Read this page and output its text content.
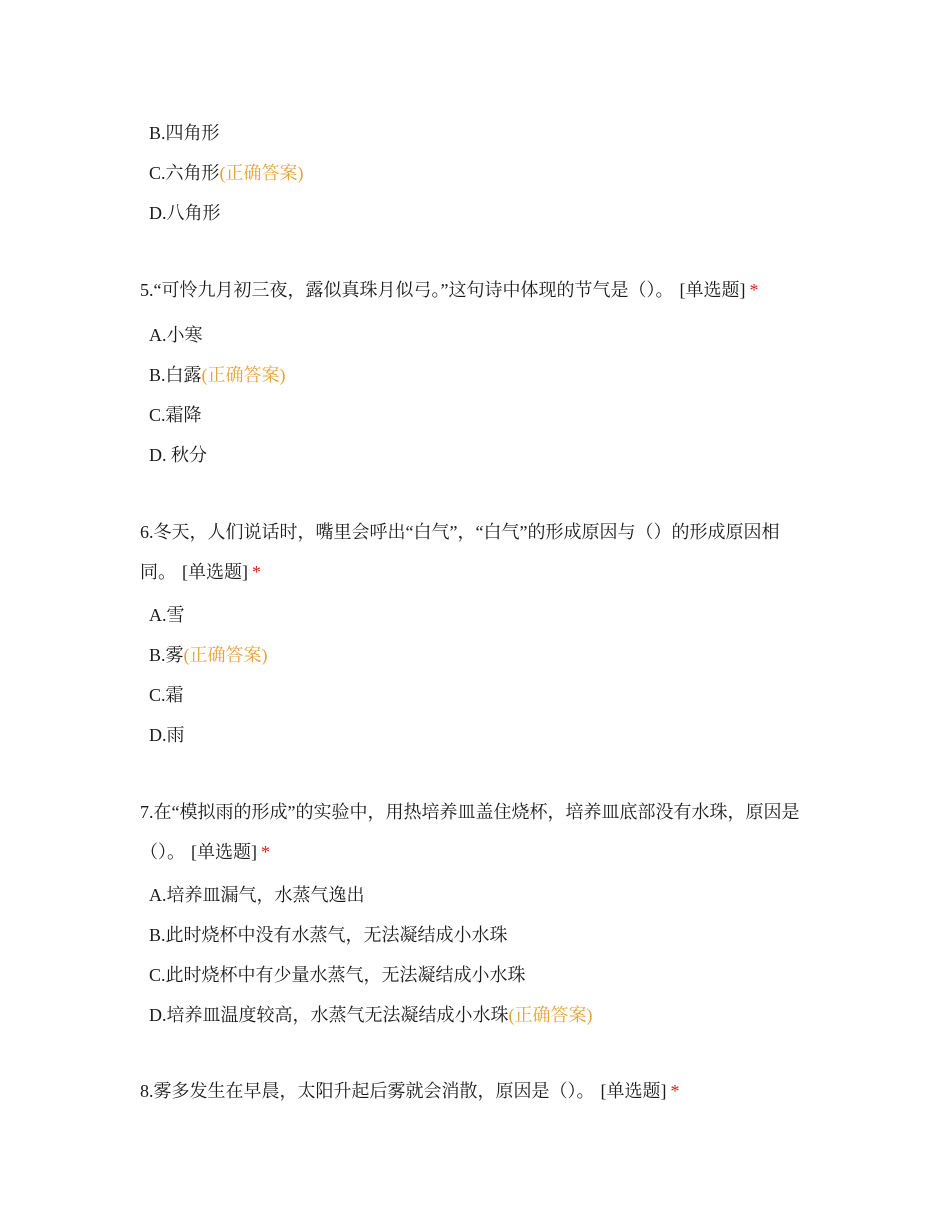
B.四角形
C.六角形(正确答案)
D.八角形
5.“可怜九月初三夜，露似真珠月似弓。”这句诗中体现的节气是（）。 [单选题] *
A.小寒
B.白露(正确答案)
C.霜降
D. 秋分
6.冬天，人们说话时，嘴里会呼出“白气”，“白气”的形成原因与（）的形成原因相同。 [单选题] *
A.雪
B.雾(正确答案)
C.霜
D.雨
7.在“模拟雨的形成”的实验中，用热培养皿盖住烧杯，培养皿底部没有水珠，原因是（）。 [单选题] *
A.培养皿漏气，水蒸气逸出
B.此时烧杯中没有水蒸气，无法凝结成小水珠
C.此时烧杯中有少量水蒸气，无法凝结成小水珠
D.培养皿温度较高，水蒸气无法凝结成小水珠(正确答案)
8.雾多发生在早晨，太阳升起后雾就会消散，原因是（）。 [单选题] *
